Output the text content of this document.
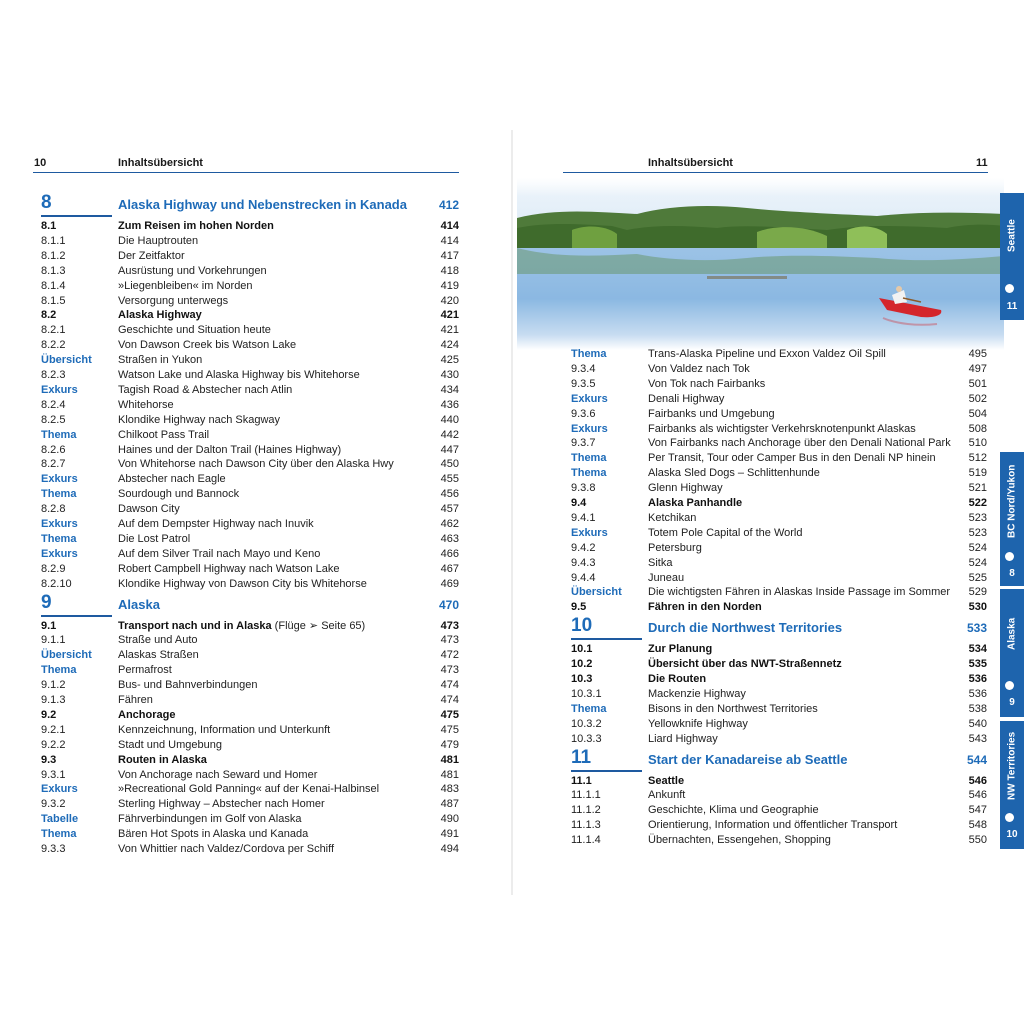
10	Inhaltsübersicht
8	Alaska Highway und Nebenstrecken in Kanada	412
8.1	Zum Reisen im hohen Norden	414
8.1.1	Die Hauptrouten	414
8.1.2	Der Zeitfaktor	417
8.1.3	Ausrüstung und Vorkehrungen	418
8.1.4	»Liegenbleiben« im Norden	419
8.1.5	Versorgung unterwegs	420
8.2	Alaska Highway	421
8.2.1	Geschichte und Situation heute	421
8.2.2	Von Dawson Creek bis Watson Lake	424
Übersicht Straßen in Yukon	425
8.2.3	Watson Lake und Alaska Highway bis Whitehorse	430
Exkurs	Tagish Road & Abstecher nach Atlin	434
8.2.4	Whitehorse	436
8.2.5	Klondike Highway nach Skagway	440
Thema	Chilkoot Pass Trail	442
8.2.6	Haines und der Dalton Trail (Haines Highway)	447
8.2.7	Von Whitehorse nach Dawson City über den Alaska Hwy	450
Exkurs	Abstecher nach Eagle	455
Thema	Sourdough und Bannock	456
8.2.8	Dawson City	457
Exkurs	Auf dem Dempster Highway nach Inuvik	462
Thema	Die Lost Patrol	463
Exkurs	Auf dem Silver Trail nach Mayo und Keno	466
8.2.9	Robert Campbell Highway nach Watson Lake	467
8.2.10	Klondike Highway von Dawson City bis Whitehorse	469
9	Alaska	470
9.1	Transport nach und in Alaska (Flüge ➢ Seite 65)	473
9.1.1	Straße und Auto	473
Übersicht Alaskas Straßen	472
Thema	Permafrost	473
9.1.2	Bus- und Bahnverbindungen	474
9.1.3	Fähren	474
9.2	Anchorage	475
9.2.1	Kennzeichnung, Information und Unterkunft	475
9.2.2	Stadt und Umgebung	479
9.3	Routen in Alaska	481
9.3.1	Von Anchorage nach Seward und Homer	481
Exkurs	»Recreational Gold Panning« auf der Kenai-Halbinsel	483
9.3.2	Sterling Highway – Abstecher nach Homer	487
Tabelle	Fährverbindungen im Golf von Alaska	490
Thema	Bären Hot Spots in Alaska und Kanada	491
9.3.3	Von Whittier nach Valdez/Cordova per Schiff	494
Inhaltsübersicht	11
Thema	Trans-Alaska Pipeline und Exxon Valdez Oil Spill	495
9.3.4	Von Valdez nach Tok	497
9.3.5	Von Tok nach Fairbanks	501
Exkurs	Denali Highway	502
9.3.6	Fairbanks und Umgebung	504
Exkurs	Fairbanks als wichtigster Verkehrsknotenpunkt Alaskas	508
9.3.7	Von Fairbanks nach Anchorage über den Denali National Park 510
Thema	Per Transit, Tour oder Camper Bus in den Denali NP hinein	512
Thema	Alaska Sled Dogs – Schlittenhunde	519
9.3.8	Glenn Highway	521
9.4	Alaska Panhandle	522
9.4.1	Ketchikan	523
Exkurs	Totem Pole Capital of the World	523
9.4.2	Petersburg	524
9.4.3	Sitka	524
9.4.4	Juneau	525
Übersicht Die wichtigsten Fähren in Alaskas Inside Passage im Sommer 529
9.5	Fähren in den Norden	530
10	Durch die Northwest Territories	533
10.1	Zur Planung	534
10.2	Übersicht über das NWT-Straßennetz	535
10.3	Die Routen	536
10.3.1	Mackenzie Highway	536
Thema	Bisons in den Northwest Territories	538
10.3.2	Yellowknife Highway	540
10.3.3	Liard Highway	543
11	Start der Kanadareise ab Seattle	544
11.1	Seattle	546
11.1.1	Ankunft	546
11.1.2	Geschichte, Klima und Geographie	547
11.1.3	Orientierung, Information und öffentlicher Transport	548
11.1.4	Übernachten, Essengehen, Shopping	550
Seattle
11
BC Nord/Yukon
8
Alaska
9
NW Territories
10
